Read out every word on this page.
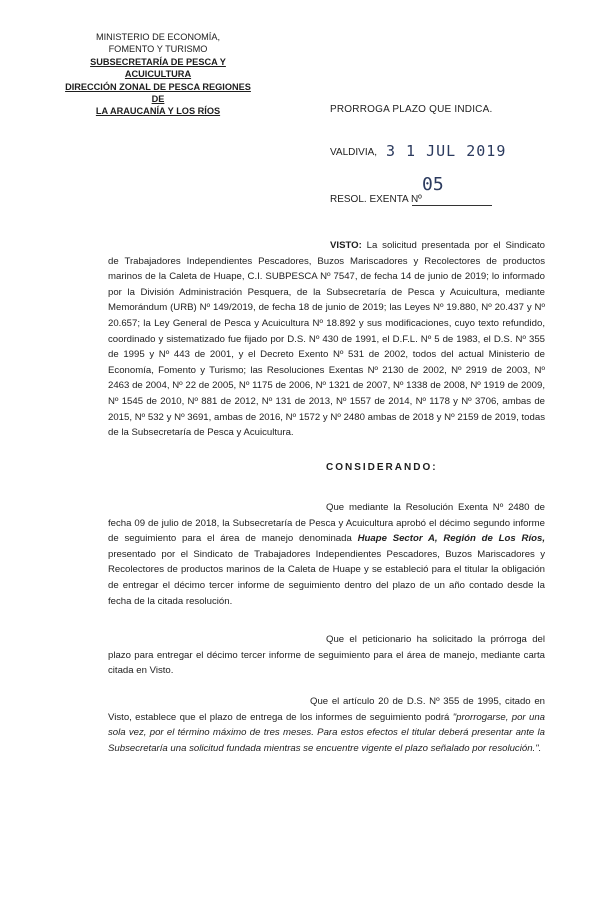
MINISTERIO DE ECONOMÍA,
FOMENTO Y TURISMO
SUBSECRETARÍA DE PESCA Y ACUICULTURA
DIRECCIÓN ZONAL DE PESCA REGIONES DE
LA ARAUCANÍA Y LOS RÍOS	PRORROGA PLAZO QUE INDICA.
VALDIVIA, 3 1 JUL 2019
RESOL. EXENTA Nº
05

VISTO: La solicitud presentada por el Sindicato de Trabajadores Independientes Pescadores, Buzos Mariscadores y Recolectores de productos marinos de la Caleta de Huape, C.I. SUBPESCA Nº 7547, de fecha 14 de junio de 2019; lo informado por la División Administración Pesquera, de la Subsecretaría de Pesca y Acuicultura, mediante Memorándum (URB) Nº 149/2019, de fecha 18 de junio de 2019; las Leyes Nº 19.880, Nº 20.437 y Nº 20.657; la Ley General de Pesca y Acuicultura Nº 18.892 y sus modificaciones, cuyo texto refundido, coordinado y sistematizado fue fijado por D.S. Nº 430 de 1991, el D.F.L. Nº 5 de 1983, el D.S. Nº 355 de 1995 y Nº 443 de 2001, y el Decreto Exento Nº 531 de 2002, todos del actual Ministerio de Economía, Fomento y Turismo; las Resoluciones Exentas Nº 2130 de 2002, Nº 2919 de 2003, Nº 2463 de 2004, Nº 22 de 2005, Nº 1175 de 2006, Nº 1321 de 2007, Nº 1338 de 2008, Nº 1919 de 2009, Nº 1545 de 2010, Nº 881 de 2012, Nº 131 de 2013, Nº 1557 de 2014, Nº 1178 y Nº 3706, ambas de 2015, Nº 532 y Nº 3691, ambas de 2016, Nº 1572 y Nº 2480 ambas de 2018 y Nº 2159 de 2019, todas de la Subsecretaría de Pesca y Acuicultura.

CONSIDERANDO:

Que mediante la Resolución Exenta Nº 2480 de fecha 09 de julio de 2018, la Subsecretaría de Pesca y Acuicultura aprobó el décimo segundo informe de seguimiento para el área de manejo denominada Huape Sector A, Región de Los Ríos, presentado por el Sindicato de Trabajadores Independientes Pescadores, Buzos Mariscadores y Recolectores de productos marinos de la Caleta de Huape y se estableció para el titular la obligación de entregar el décimo tercer informe de seguimiento dentro del plazo de un año contado desde la fecha de la citada resolución.

Que el peticionario ha solicitado la prórroga del plazo para entregar el décimo tercer informe de seguimiento para el área de manejo, mediante carta citada en Visto.

Que el artículo 20 de D.S. Nº 355 de 1995, citado en Visto, establece que el plazo de entrega de los informes de seguimiento podrá "prorrogarse, por una sola vez, por el término máximo de tres meses. Para estos efectos el titular deberá presentar ante la Subsecretaría una solicitud fundada mientras se encuentre vigente el plazo señalado por resolución.".
